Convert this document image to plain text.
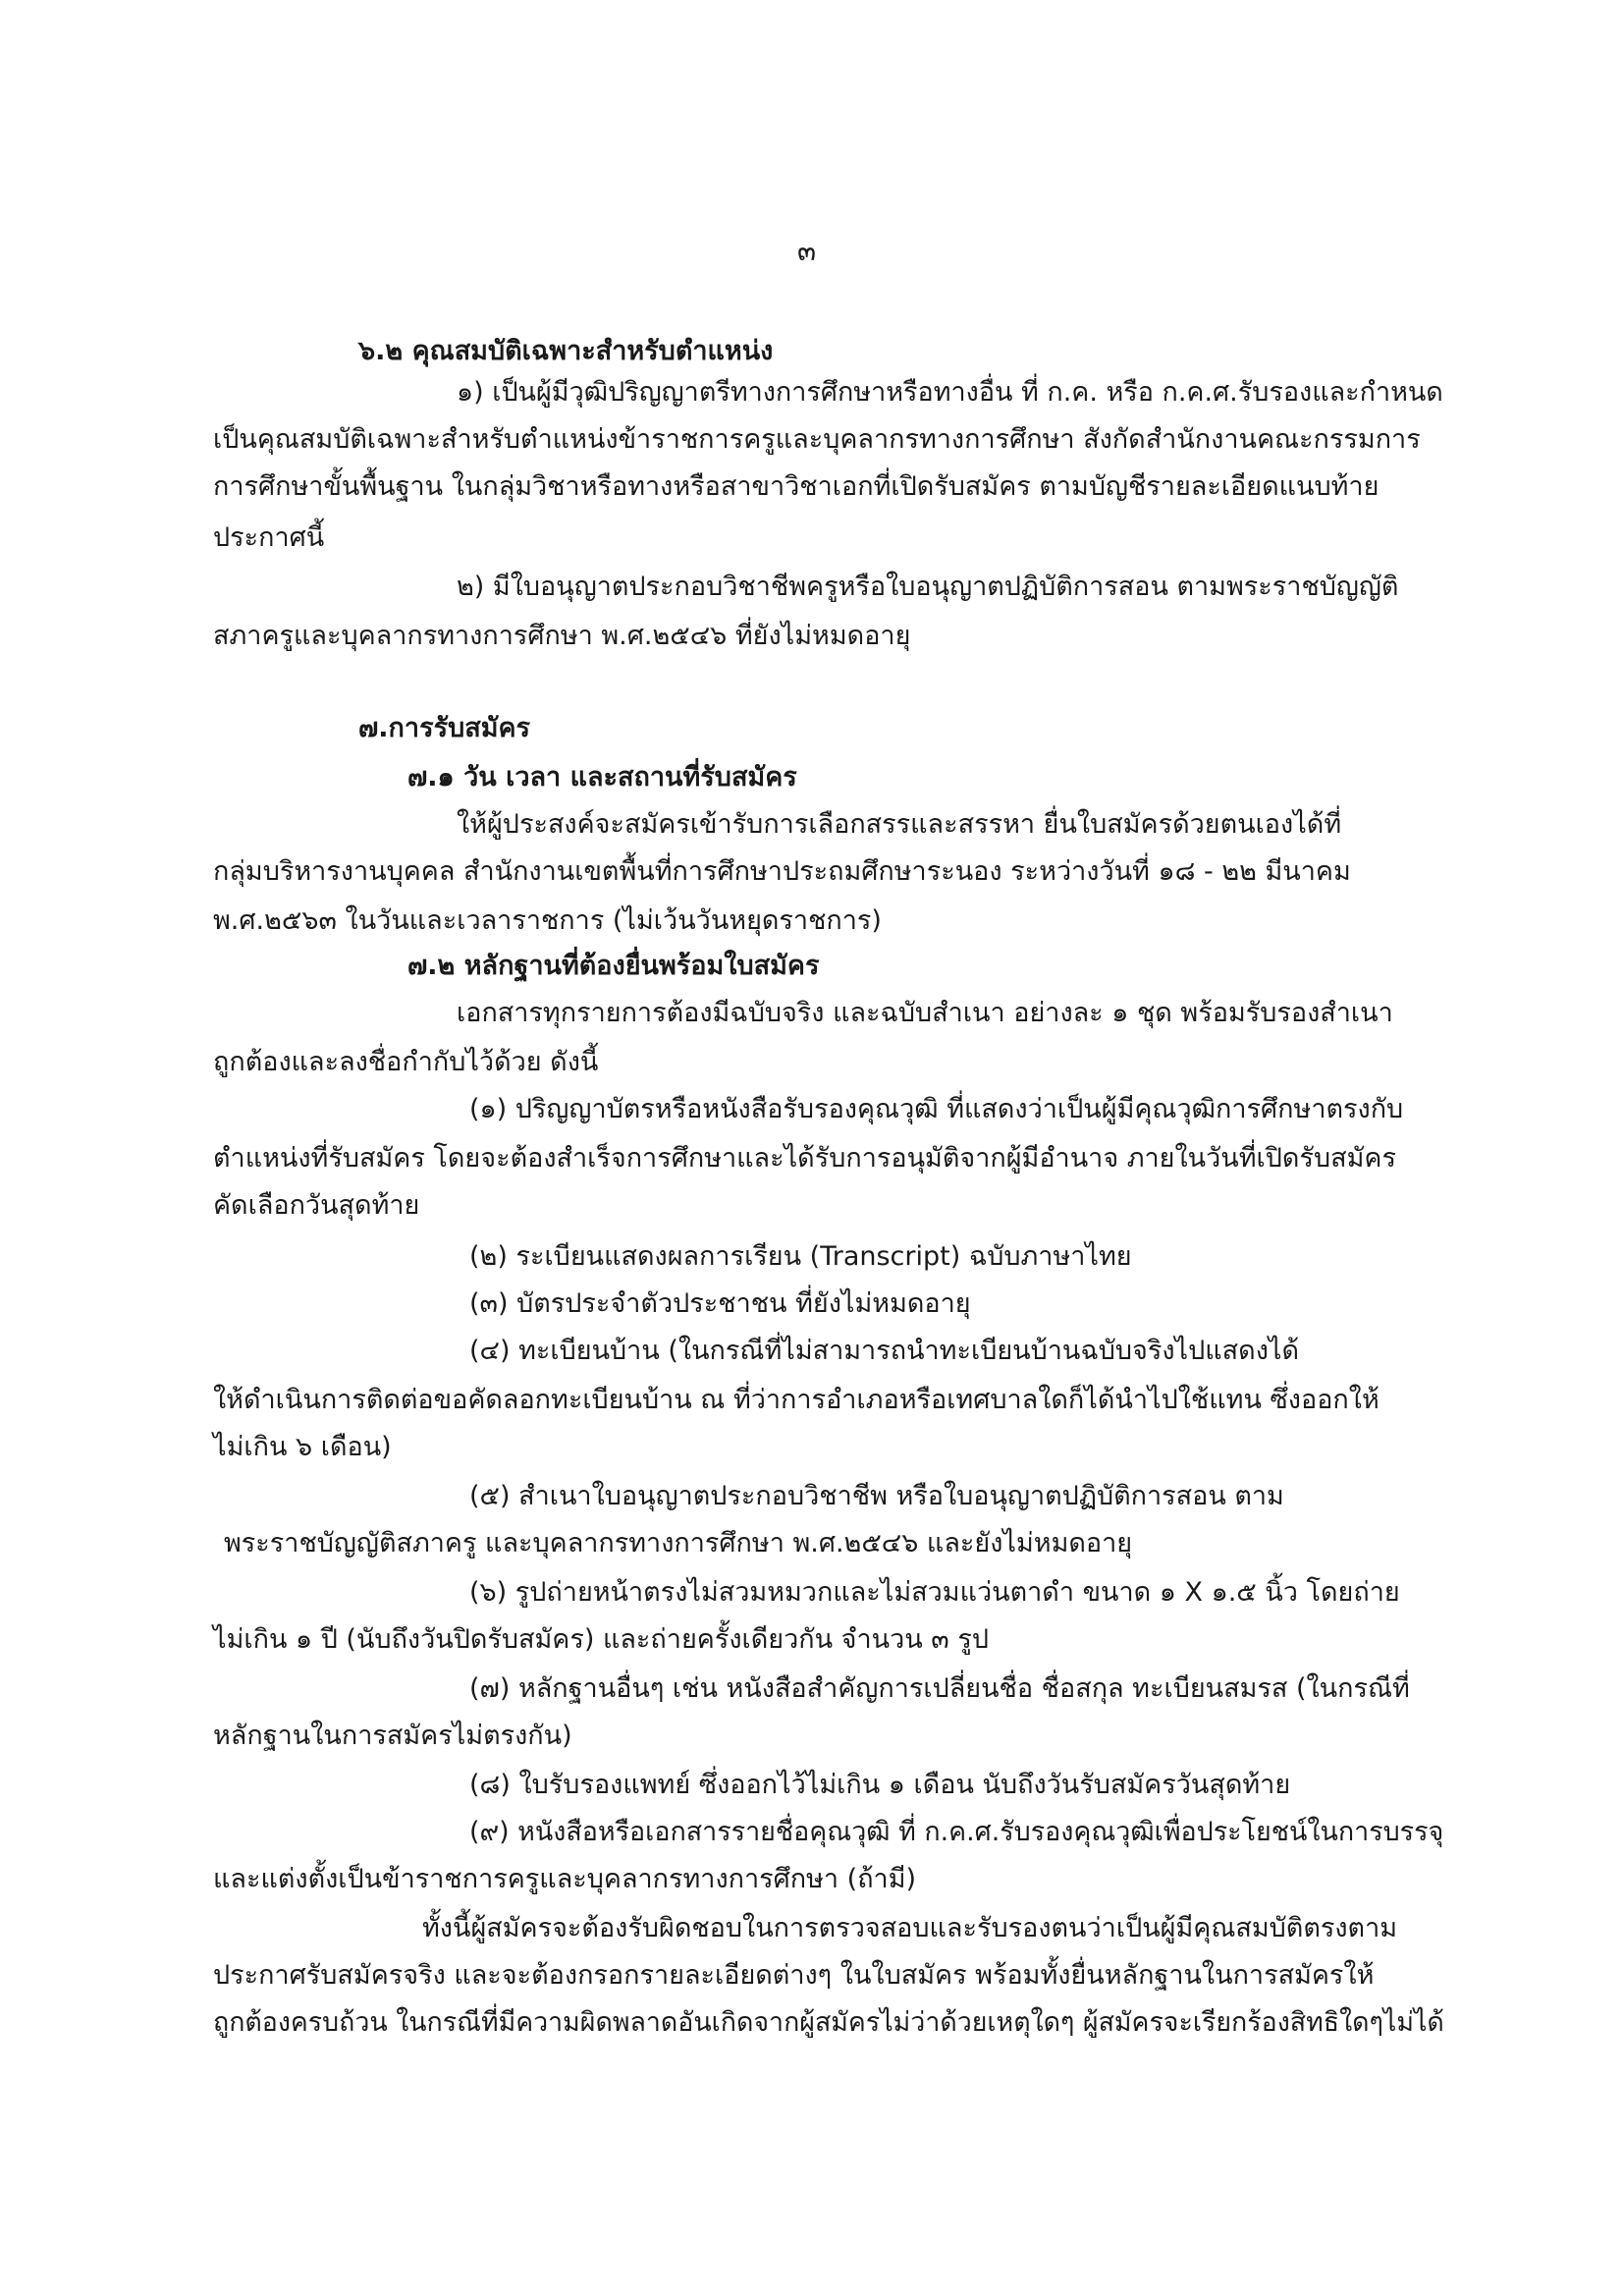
๓
๖.๒ คุณสมบัติเฉพาะสำหรับตำแหน่ง
๑) เป็นผู้มีวุฒิปริญญาตรีทางการศึกษาหรือทางอื่น ที่ ก.ค. หรือ ก.ค.ศ.รับรองและกำหนด
เป็นคุณสมบัติเฉพาะสำหรับตำแหน่งข้าราชการครูและบุคลากรทางการศึกษา สังกัดสำนักงานคณะกรรมการ
การศึกษาขั้นพื้นฐาน ในกลุ่มวิชาหรือทางหรือสาขาวิชาเอกที่เปิดรับสมัคร ตามบัญชีรายละเอียดแนบท้าย
ประกาศนี้
๒) มีใบอนุญาตประกอบวิชาชีพครูหรือใบอนุญาตปฏิบัติการสอน ตามพระราชบัญญัติ
สภาครูและบุคลากรทางการศึกษา พ.ศ.๒๕๔๖ ที่ยังไม่หมดอายุ
๗.การรับสมัคร
๗.๑ วัน เวลา และสถานที่รับสมัคร
ให้ผู้ประสงค์จะสมัครเข้ารับการเลือกสรรและสรรหา ยื่นใบสมัครด้วยตนเองได้ที่
กลุ่มบริหารงานบุคคล สำนักงานเขตพื้นที่การศึกษาประถมศึกษาระนอง ระหว่างวันที่ ๑๘ - ๒๒ มีนาคม
พ.ศ.๒๕๖๓ ในวันและเวลาราชการ (ไม่เว้นวันหยุดราชการ)
๗.๒ หลักฐานที่ต้องยื่นพร้อมใบสมัคร
เอกสารทุกรายการต้องมีฉบับจริง และฉบับสำเนา อย่างละ ๑ ชุด พร้อมรับรองสำเนา
ถูกต้องและลงชื่อกำกับไว้ด้วย ดังนี้
(๑) ปริญญาบัตรหรือหนังสือรับรองคุณวุฒิ ที่แสดงว่าเป็นผู้มีคุณวุฒิการศึกษาตรงกับ
ตำแหน่งที่รับสมัคร โดยจะต้องสำเร็จการศึกษาและได้รับการอนุมัติจากผู้มีอำนาจ ภายในวันที่เปิดรับสมัคร
คัดเลือกวันสุดท้าย
(๒) ระเบียนแสดงผลการเรียน (Transcript) ฉบับภาษาไทย
(๓) บัตรประจำตัวประชาชน ที่ยังไม่หมดอายุ
(๔) ทะเบียนบ้าน (ในกรณีที่ไม่สามารถนำทะเบียนบ้านฉบับจริงไปแสดงได้
ให้ดำเนินการติดต่อขอคัดลอกทะเบียนบ้าน ณ ที่ว่าการอำเภอหรือเทศบาลใดก็ได้นำไปใช้แทน ซึ่งออกให้
ไม่เกิน ๖ เดือน)
(๕) สำเนาใบอนุญาตประกอบวิชาชีพ หรือใบอนุญาตปฏิบัติการสอน ตาม
พระราชบัญญัติสภาครู และบุคลากรทางการศึกษา พ.ศ.๒๕๔๖ และยังไม่หมดอายุ
(๖) รูปถ่ายหน้าตรงไม่สวมหมวกและไม่สวมแว่นตาดำ ขนาด ๑ X ๑.๕ นิ้ว โดยถ่าย
ไม่เกิน ๑ ปี (นับถึงวันปิดรับสมัคร) และถ่ายครั้งเดียวกัน จำนวน ๓ รูป
(๗) หลักฐานอื่นๆ เช่น หนังสือสำคัญการเปลี่ยนชื่อ ชื่อสกุล ทะเบียนสมรส (ในกรณีที่
หลักฐานในการสมัครไม่ตรงกัน)
(๘) ใบรับรองแพทย์ ซึ่งออกไว้ไม่เกิน ๑ เดือน นับถึงวันรับสมัครวันสุดท้าย
(๙) หนังสือหรือเอกสารรายชื่อคุณวุฒิ ที่ ก.ค.ศ.รับรองคุณวุฒิเพื่อประโยชน์ในการบรรจุ
และแต่งตั้งเป็นข้าราชการครูและบุคลากรทางการศึกษา (ถ้ามี)
ทั้งนี้ผู้สมัครจะต้องรับผิดชอบในการตรวจสอบและรับรองตนว่าเป็นผู้มีคุณสมบัติตรงตาม
ประกาศรับสมัครจริง และจะต้องกรอกรายละเอียดต่างๆ ในใบสมัคร พร้อมทั้งยื่นหลักฐานในการสมัครให้
ถูกต้องครบถ้วน ในกรณีที่มีความผิดพลาดอันเกิดจากผู้สมัครไม่ว่าด้วยเหตุใดๆ ผู้สมัครจะเรียกร้องสิทธิใดๆไม่ได้
